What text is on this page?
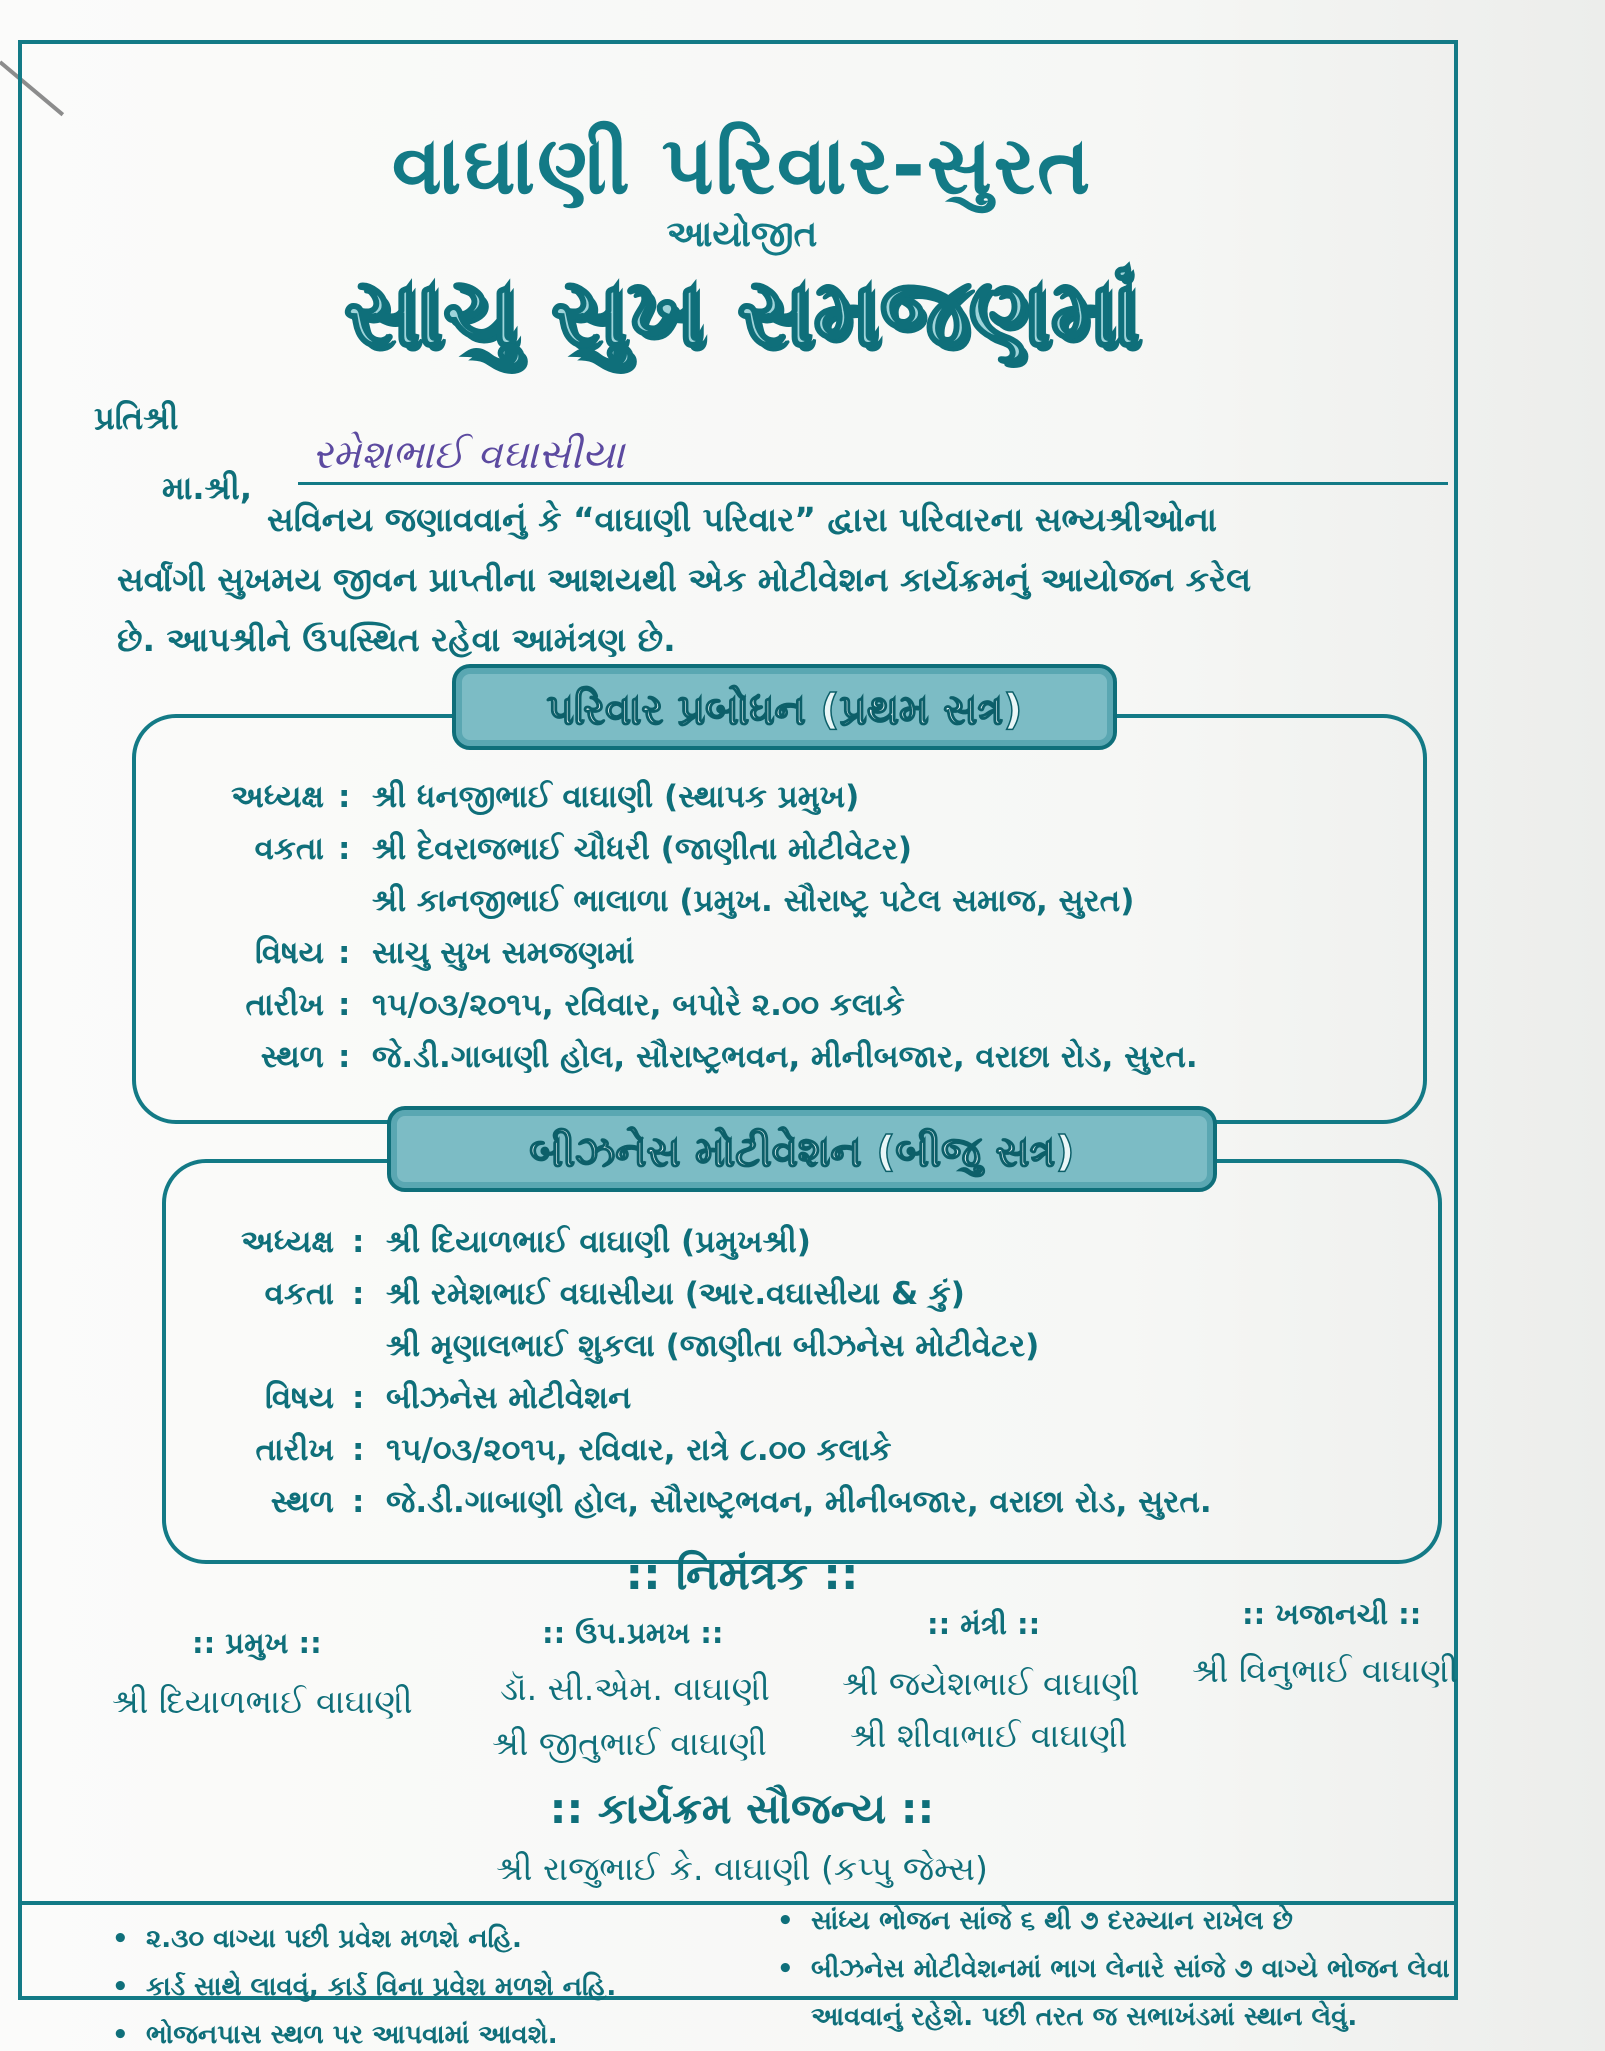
વાઘાણી પરિવાર-સુરત
આયોજીત
સાચુ સુખ સમજણમાં
પ્રતિશ્રી
મા.શ્રી,
રમેશભાઈ વઘાસીયા
સવિનય જણાવવાનું કે “વાઘાણી પરિવાર” દ્વારા પરિવારના સભ્યશ્રીઓના
સર્વાંગી સુખમય જીવન પ્રાપ્તીના આશયથી એક મોટીવેશન કાર્યક્રમનું આયોજન કરેલ
છે. આપશ્રીને ઉપસ્થિત રહેવા આમંત્રણ છે.
પરિવાર પ્રબોધન (પ્રથમ સત્ર)
બીઝનેસ મોટીવેશન (બીજુ સત્ર)
:: નિમંત્રક ::
:: પ્રમુખ ::
શ્રી દિયાળભાઈ વાઘાણી
:: ઉપ.પ્રમખ ::
ડૉ. સી.એમ. વાઘાણી
શ્રી જીતુભાઈ વાઘાણી
:: મંત્રી ::
શ્રી જયેશભાઈ વાઘાણી
શ્રી શીવાભાઈ વાઘાણી
:: ખજાનચી ::
શ્રી વિનુભાઈ વાઘાણી
:: કાર્યક્રમ સૌજન્ય ::
શ્રી રાજુભાઈ કે. વાઘાણી (કપ્પુ જેમ્સ)
• ૨.૩૦ વાગ્યા પછી પ્રવેશ મળશે નહિ.
• કાર્ડ સાથે લાવવું, કાર્ડ વિના પ્રવેશ મળશે નહિ.
• ભોજનપાસ સ્થળ પર આપવામાં આવશે.
• સાંધ્ય ભોજન સાંજે ૬ થી ૭ દરમ્યાન રાખેલ છે
• બીઝનેસ મોટીવેશનમાં ભાગ લેનારે સાંજે ૭ વાગ્યે ભોજન લેવા
આવવાનું રહેશે. પછી તરત જ સભાખંડમાં સ્થાન લેવું.
અધ્યક્ષ : શ્રી ધનજીભાઈ વાઘાણી (સ્થાપક પ્રમુખ)
વકતા : શ્રી દેવરાજભાઈ ચૌધરી (જાણીતા મોટીવેટર)
શ્રી કાનજીભાઈ ભાલાળા (પ્રમુખ. સૌરાષ્ટ્ર પટેલ સમાજ, સુરત)
વિષય : સાચુ સુખ સમજણમાં
તારીખ : ૧૫/૦૩/૨૦૧૫, રવિવાર, બપોરે ૨.૦૦ કલાકે
સ્થળ : જે.ડી.ગાબાણી હોલ, સૌરાષ્ટ્રભવન, મીનીબજાર, વરાછા રોડ, સુરત.
અધ્યક્ષ : શ્રી દિયાળભાઈ વાઘાણી (પ્રમુખશ્રી)
વકતા : શ્રી રમેશભાઈ વઘાસીયા (આર.વઘાસીયા & કું)
શ્રી મૃણાલભાઈ શુકલા (જાણીતા બીઝનેસ મોટીવેટર)
વિષય : બીઝનેસ મોટીવેશન
તારીખ : ૧૫/૦૩/૨૦૧૫, રવિવાર, રાત્રે ૮.૦૦ કલાકે
સ્થળ : જે.ડી.ગાબાણી હોલ, સૌરાષ્ટ્રભવન, મીનીબજાર, વરાછા રોડ, સુરત.
